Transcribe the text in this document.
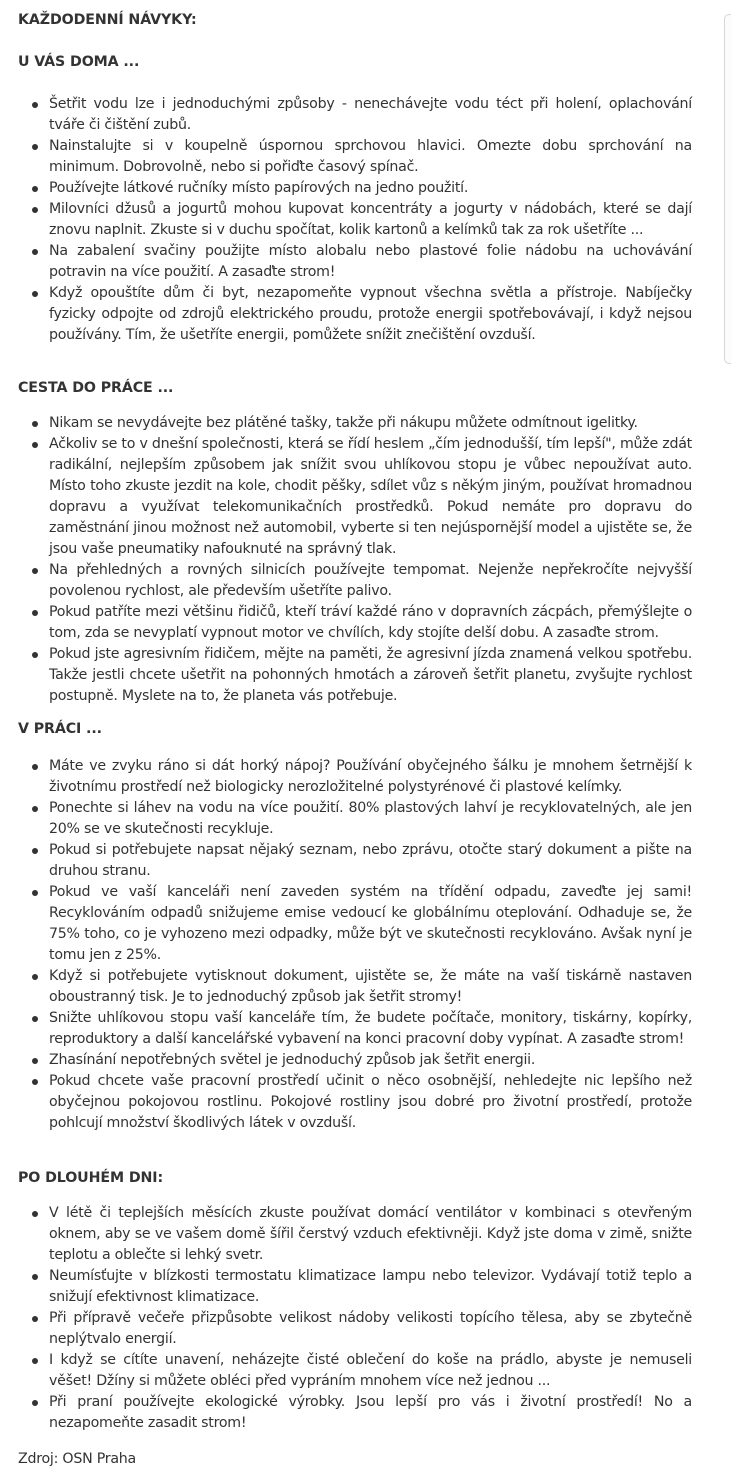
KAŽDODENNÍ NÁVYKY:
U VÁS DOMA ...
Šetřit vodu lze i jednoduchými způsoby - nenechávejte vodu téct při holení, oplachování tváře či čištění zubů.
Nainstalujte si v koupelně úspornou sprchovou hlavici. Omezte dobu sprchování na minimum. Dobrovolně, nebo si pořiďte časový spínač.
Používejte látkové ručníky místo papírových na jedno použití.
Milovníci džusů a jogurtů mohou kupovat koncentráty a jogurty v nádobách, které se dají znovu naplnit. Zkuste si v duchu spočítat, kolik kartonů a kelímků tak za rok ušetříte ...
Na zabalení svačiny použijte místo alobalu nebo plastové folie nádobu na uchovávání potravin na více použití. A zasaďte strom!
Když opouštíte dům či byt, nezapomeňte vypnout všechna světla a přístroje. Nabíječky fyzicky odpojte od zdrojů elektrického proudu, protože energii spotřebovávají, i když nejsou používány. Tím, že ušetříte energii, pomůžete snížit znečištění ovzduší.
CESTA DO PRÁCE ...
Nikam se nevydávejte bez plátěné tašky, takže při nákupu můžete odmítnout igelitky.
Ačkoliv se to v dnešní společnosti, která se řídí heslem „čím jednodušší, tím lepší", může zdát radikální, nejlepším způsobem jak snížit svou uhlíkovou stopu je vůbec nepoužívat auto. Místo toho zkuste jezdit na kole, chodit pěšky, sdílet vůz s někým jiným, používat hromadnou dopravu a využívat telekomunikačních prostředků. Pokud nemáte pro dopravu do zaměstnání jinou možnost než automobil, vyberte si ten nejúspornější model a ujistěte se, že jsou vaše pneumatiky nafouknuté na správný tlak.
Na přehledných a rovných silnicích používejte tempomat. Nejenže nepřekročíte nejvyšší povolenou rychlost, ale především ušetříte palivo.
Pokud patříte mezi většinu řidičů, kteří tráví každé ráno v dopravních zácpách, přemýšlejte o tom, zda se nevyplatí vypnout motor ve chvílích, kdy stojíte delší dobu. A zasaďte strom.
Pokud jste agresivním řidičem, mějte na paměti, že agresivní jízda znamená velkou spotřebu. Takže jestli chcete ušetřit na pohonných hmotách a zároveň šetřit planetu, zvyšujte rychlost postupně. Myslete na to, že planeta vás potřebuje.
V PRÁCI ...
Máte ve zvyku ráno si dát horký nápoj? Používání obyčejného šálku je mnohem šetrnější k životnímu prostředí než biologicky nerozložitelné polystyrénové či plastové kelímky.
Ponechte si láhev na vodu na více použití. 80% plastových lahví je recyklovatelných, ale jen 20% se ve skutečnosti recykluje.
Pokud si potřebujete napsat nějaký seznam, nebo zprávu, otočte starý dokument a pište na druhou stranu.
Pokud ve vaší kanceláři není zaveden systém na třídění odpadu, zaveďte jej sami! Recyklováním odpadů snižujeme emise vedoucí ke globálnímu oteplování. Odhaduje se, že 75% toho, co je vyhozeno mezi odpadky, může být ve skutečnosti recyklováno. Avšak nyní je tomu jen z 25%.
Když si potřebujete vytisknout dokument, ujistěte se, že máte na vaší tiskárně nastaven oboustranný tisk. Je to jednoduchý způsob jak šetřit stromy!
Snižte uhlíkovou stopu vaší kanceláře tím, že budete počítače, monitory, tiskárny, kopírky, reproduktory a další kancelářské vybavení na konci pracovní doby vypínat. A zasaďte strom!
Zhasínání nepotřebných světel je jednoduchý způsob jak šetřit energii.
Pokud chcete vaše pracovní prostředí učinit o něco osobnější, nehledejte nic lepšího než obyčejnou pokojovou rostlinu. Pokojové rostliny jsou dobré pro životní prostředí, protože pohlcují množství škodlivých látek v ovzduší.
PO DLOUHÉM DNI:
V létě či teplejších měsících zkuste používat domácí ventilátor v kombinaci s otevřeným oknem, aby se ve vašem domě šířil čerstvý vzduch efektivněji. Když jste doma v zimě, snižte teplotu a oblečte si lehký svetr.
Neumísťujte v blízkosti termostatu klimatizace lampu nebo televizor. Vydávají totiž teplo a snižují efektivnost klimatizace.
Při přípravě večeře přizpůsobte velikost nádoby velikosti topícího tělesa, aby se zbytečně neplýtvalo energií.
I když se cítíte unavení, neházejte čisté oblečení do koše na prádlo, abyste je nemuseli věšet! Džíny si můžete obléci před vypráním mnohem více než jednou ...
Při praní používejte ekologické výrobky. Jsou lepší pro vás i životní prostředí! No a nezapomeňte zasadit strom!

Zdroj: OSN Praha
